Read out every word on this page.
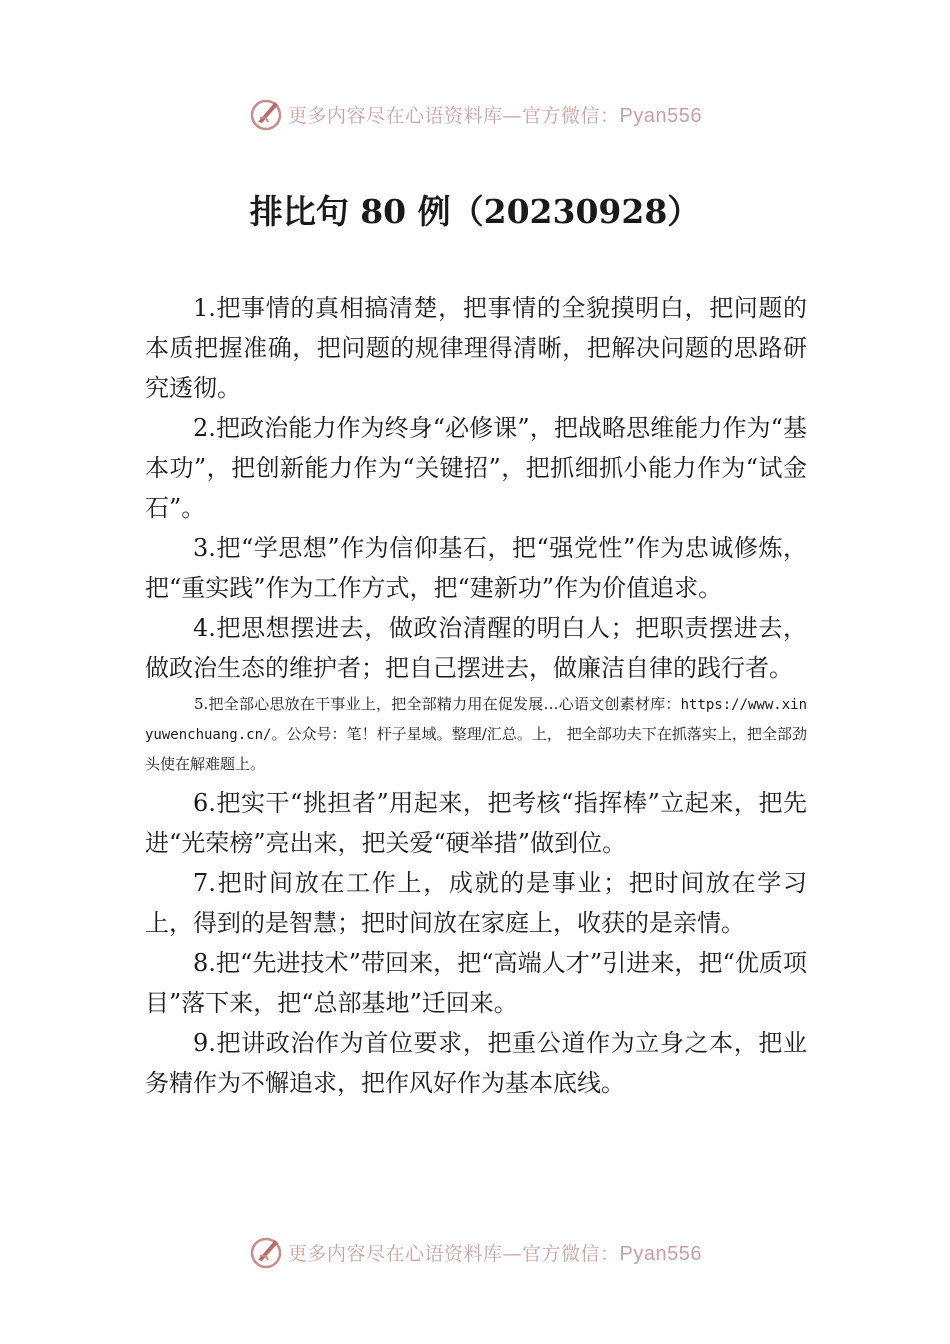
更多内容尽在心语资料库—官方微信：Pyan556
排比句 80 例（20230928）

1.把事情的真相搞清楚，把事情的全貌摸明白，把问题的本质把握准确，把问题的规律理得清晰，把解决问题的思路研究透彻。

2.把政治能力作为终身“必修课”，把战略思维能力作为“基本功”，把创新能力作为“关键招”，把抓细抓小能力作为“试金石”。

3.把“学思想”作为信仰基石，把“强党性”作为忠诚修炼，把“重实践”作为工作方式，把“建新功”作为价值追求。

4.把思想摆进去，做政治清醒的明白人；把职责摆进去，做政治生态的维护者；把自己摆进去，做廉洁自律的践行者。

5.把全部心思放在干事业上，把全部精力用在促发展…心语文创素材库：https://www.xinyuwenchuang.cn/。公众号：笔！杆子星域。整理/汇总。上， 把全部功夫下在抓落实上，把全部劲头使在解难题上。

6.把实干“挑担者”用起来，把考核“指挥棒”立起来，把先进“光荣榜”亮出来，把关爱“硬举措”做到位。

7.把时间放在工作上，成就的是事业；把时间放在学习上，得到的是智慧；把时间放在家庭上，收获的是亲情。

8.把“先进技术”带回来，把“高端人才”引进来，把“优质项目”落下来，把“总部基地”迁回来。

9.把讲政治作为首位要求，把重公道作为立身之本，把业务精作为不懈追求，把作风好作为基本底线。

更多内容尽在心语资料库—官方微信：Pyan556
